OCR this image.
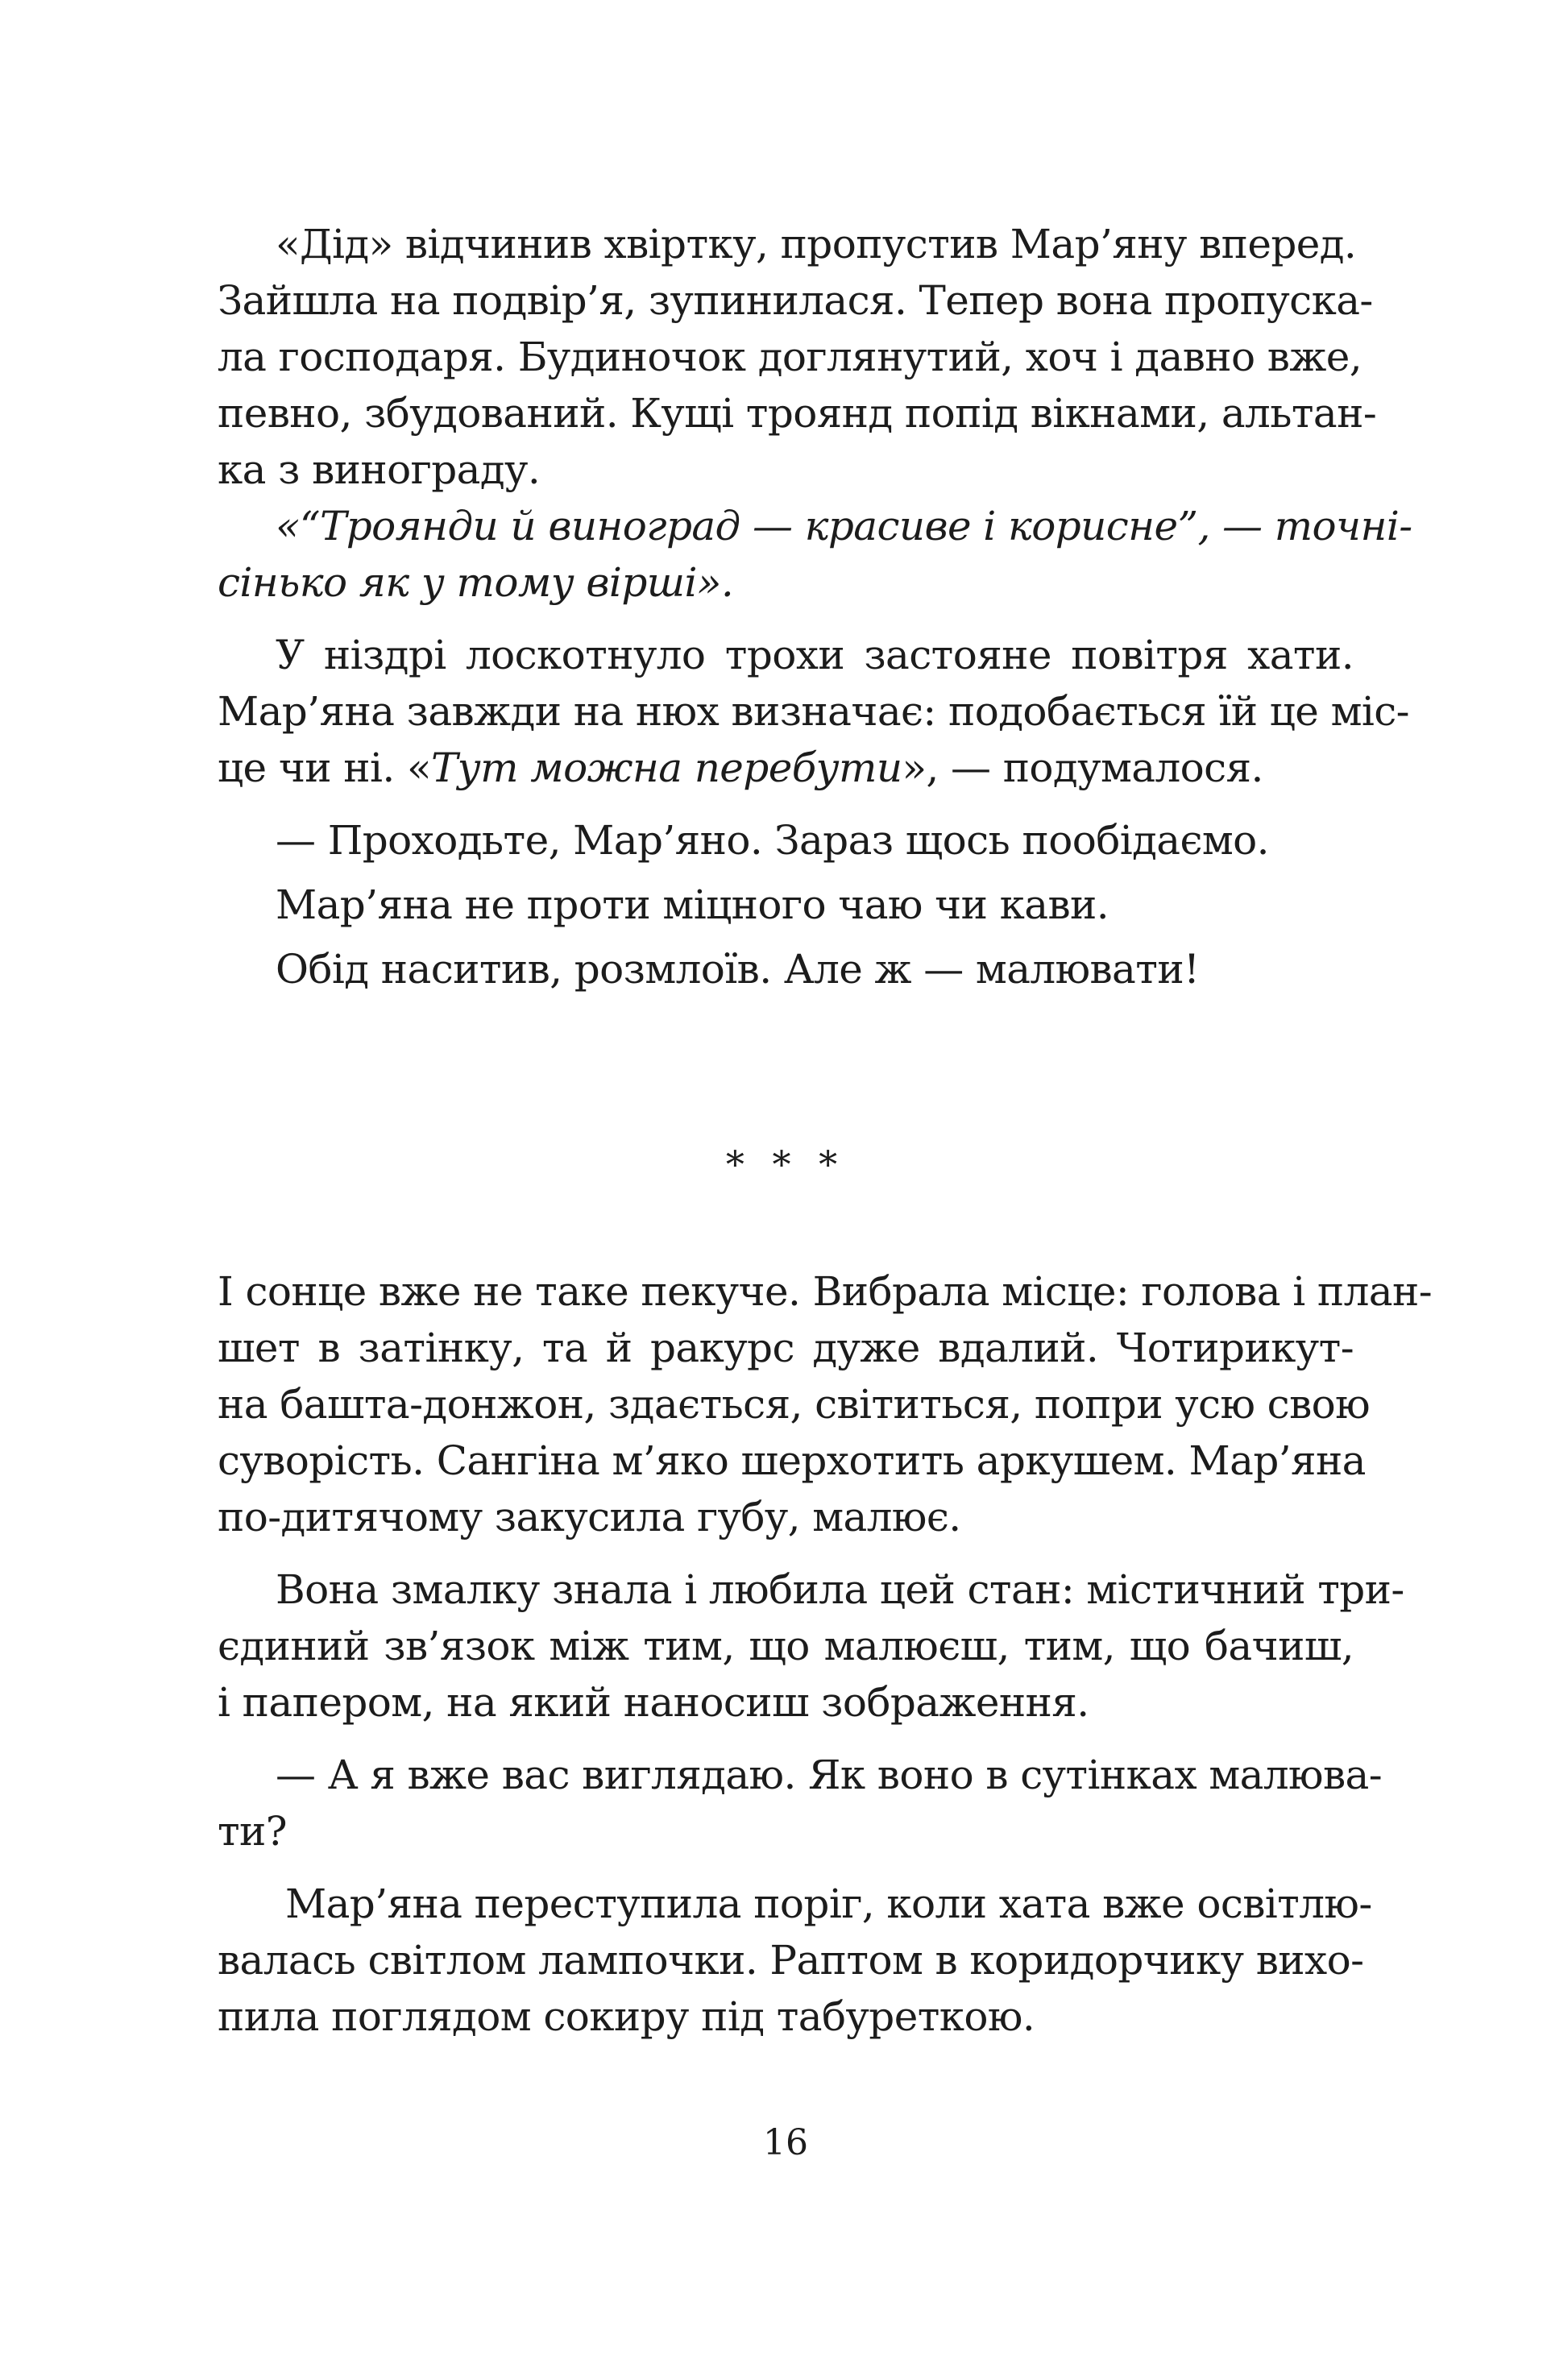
«Дід» відчинив хвіртку, пропустив Мар’яну вперед.
Зайшла на подвір’я, зупинилася. Тепер вона пропуска-
ла господаря. Будиночок доглянутий, хоч і давно вже,
певно, збудований. Кущі троянд попід вікнами, альтан-
ка з винограду.
«“Троянди й виноград — красиве і корисне”, — точні-
сінько як у тому вірші».
У ніздрі лоскотнуло трохи застояне повітря хати.
Мар’яна завжди на нюх визначає: подобається їй це міс-
це чи ні. «Тут можна перебути», — подумалося.
— Проходьте, Мар’яно. Зараз щось пообідаємо.
Мар’яна не проти міцного чаю чи кави.
Обід наситив, розмлоїв. Але ж — малювати!
* * *
І сонце вже не таке пекуче. Вибрала місце: голова і план-
шет в затінку, та й ракурс дуже вдалий. Чотирикут-
на башта-донжон, здається, світиться, попри усю свою
суворість. Сангіна м’яко шерхотить аркушем. Мар’яна
по-дитячому закусила губу, малює.
Вона змалку знала і любила цей стан: містичний три-
єдиний зв’язок між тим, що малюєш, тим, що бачиш,
і папером, на який наносиш зображення.
— А я вже вас виглядаю. Як воно в сутінках малюва-
ти?
Мар’яна переступила поріг, коли хата вже освітлю-
валась світлом лампочки. Раптом в коридорчику вихо-
пила поглядом сокиру під табуреткою.
16
